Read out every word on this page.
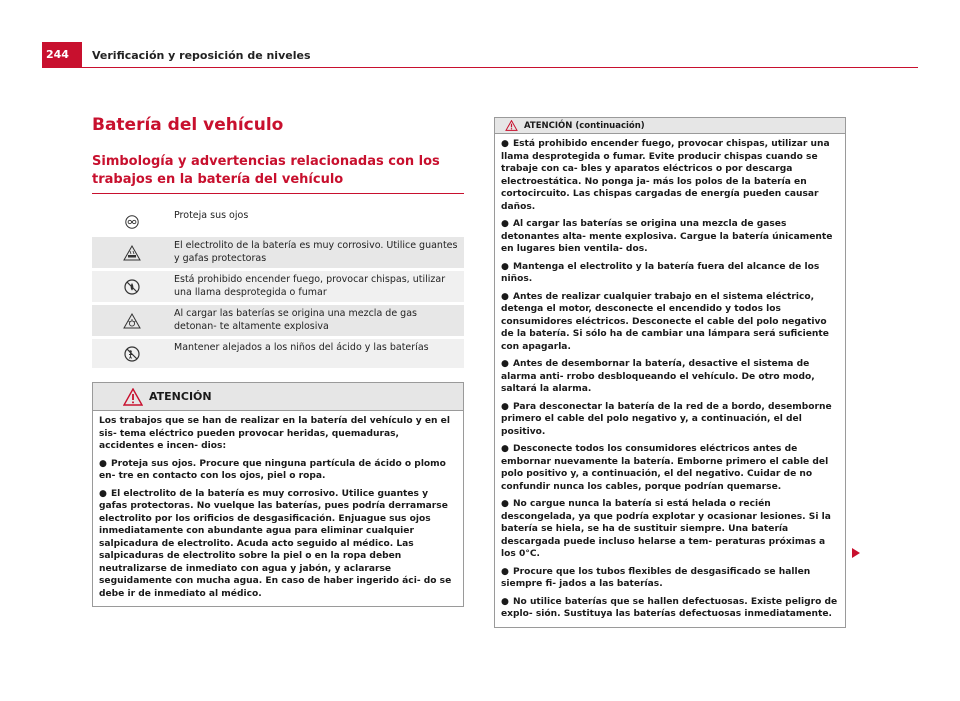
244	Verificación y reposición de niveles
Batería del vehículo
Simbología y advertencias relacionadas con los trabajos en la batería del vehículo
Proteja sus ojos
El electrolito de la batería es muy corrosivo. Utilice guantes y gafas protectoras
Está prohibido encender fuego, provocar chispas, utilizar una llama desprotegida o fumar
Al cargar las baterías se origina una mezcla de gas detonan- te altamente explosiva
Mantener alejados a los niños del ácido y las baterías
ATENCIÓN

Los trabajos que se han de realizar en la batería del vehículo y en el sis- tema eléctrico pueden provocar heridas, quemaduras, accidentes e incen- dios:

● Proteja sus ojos. Procure que ninguna partícula de ácido o plomo en- tre en contacto con los ojos, piel o ropa.

● El electrolito de la batería es muy corrosivo. Utilice guantes y gafas protectoras. No vuelque las baterías, pues podría derramarse electrolito por los orificios de desgasificación. Enjuague sus ojos inmediatamente con abundante agua para eliminar cualquier salpicadura de electrolito. Acuda acto seguido al médico. Las salpicaduras de electrolito sobre la piel o en la ropa deben neutralizarse de inmediato con agua y jabón, y aclararse seguidamente con mucha agua. En caso de haber ingerido áci- do se debe ir de inmediato al médico.

ATENCIÓN (continuación)

● Está prohibido encender fuego, provocar chispas, utilizar una llama desprotegida o fumar. Evite producir chispas cuando se trabaje con ca- bles y aparatos eléctricos o por descarga electroestática. No ponga ja- más los polos de la batería en cortocircuito. Las chispas cargadas de energía pueden causar daños.

● Al cargar las baterías se origina una mezcla de gases detonantes alta- mente explosiva. Cargue la batería únicamente en lugares bien ventila- dos.

● Mantenga el electrolito y la batería fuera del alcance de los niños.

● Antes de realizar cualquier trabajo en el sistema eléctrico, detenga el motor, desconecte el encendido y todos los consumidores eléctricos. Desconecte el cable del polo negativo de la batería. Si sólo ha de cambiar una lámpara será suficiente con apagarla.

● Antes de desembornar la batería, desactive el sistema de alarma anti- rrobo desbloqueando el vehículo. De otro modo, saltará la alarma.

● Para desconectar la batería de la red de a bordo, desemborne primero el cable del polo negativo y, a continuación, el del positivo.

● Desconecte todos los consumidores eléctricos antes de embornar nuevamente la batería. Emborne primero el cable del polo positivo y, a continuación, el del negativo. Cuidar de no confundir nunca los cables, porque podrían quemarse.

● No cargue nunca la batería si está helada o recién descongelada, ya que podría explotar y ocasionar lesiones. Si la batería se hiela, se ha de sustituir siempre. Una batería descargada puede incluso helarse a tem- peraturas próximas a los 0°C.

● Procure que los tubos flexibles de desgasificado se hallen siempre fi- jados a las baterías.

● No utilice baterías que se hallen defectuosas. Existe peligro de explo- sión. Sustituya las baterías defectuosas inmediatamente.
